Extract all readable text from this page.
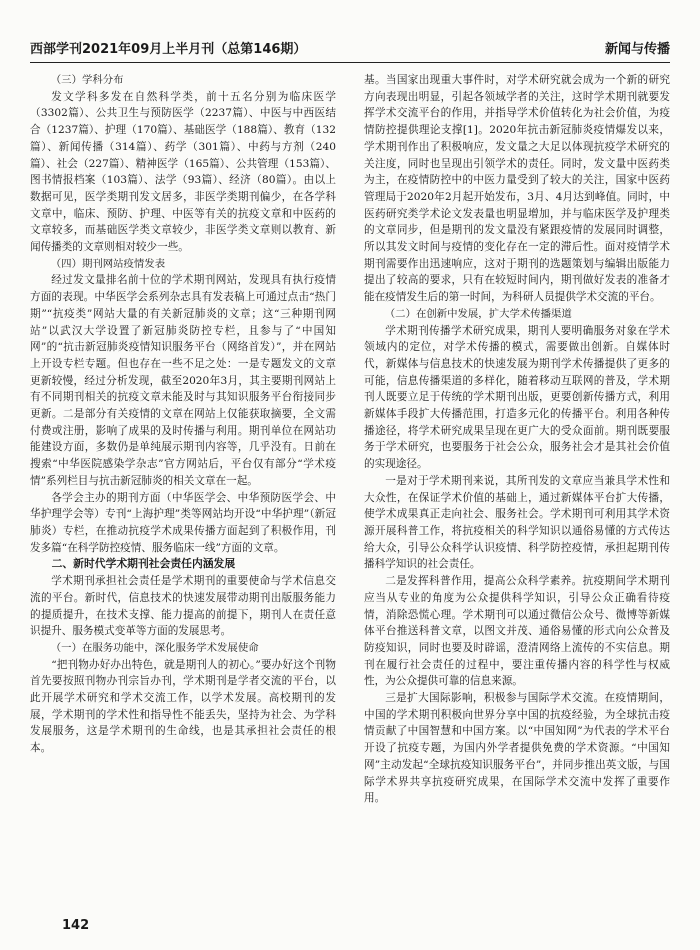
西部学刊2021年09月上半月刊（总第146期）	新闻与传播
（三）学科分布

发文学科多发在自然科学类，前十五名分别为临床医学（3302篇）、公共卫生与预防医学（2237篇）、中医与中西医结合（1237篇）、护理（170篇）、基础医学（188篇）、教育（132篇）、新闻传播（314篇）、药学（301篇）、中药与方剂（240篇）、社会（227篇）、精神医学（165篇）、公共管理（153篇）、图书情报档案（103篇）、法学（93篇）、经济（80篇）。由以上数据可见，医学类期刊发文居多，非医学类期刊偏少，在各学科文章中，临床、预防、护理、中医等有关的抗疫文章和中医药的文章较多，而基础医学类文章较少，非医学类文章则以教育、新闻传播类的文章则相对较少一些。

（四）期刊网站疫情发表

经过发文量排名前十位的学术期刊网站，发现具有执行疫情方面的表现。中华医学会系列杂志具有发表稿上可通过点击“热门期”“抗疫类”网站大量的有关新冠肺炎的文章；这“三种期刊网站”以武汉大学设置了新冠肺炎防控专栏，且参与了“中国知网”的“抗击新冠肺炎疫情知识服务平台（网络首发）”，并在网站上开设专栏专题。但也存在一些不足之处：一是专题发文的文章更新较慢，经过分析发现，截至2020年3月，其主要期刊网站上有不同期刊相关的抗疫文章未能及时与其知识服务平台衔接同步更新。二是部分有关疫情的文章在网站上仅能获取摘要，全文需付费或注册，影响了成果的及时传播与利用。期刊单位在网站功能建设方面，多数仍是单纯展示期刊内容等，几乎没有。日前在搜索“中华医院感染学杂志”官方网站后，平台仅有部分“学术疫情”系列栏目与抗击新冠肺炎的相关文章在一起。

各学会主办的期刊方面（中华医学会、中华预防医学会、中华护理学会等）专刊“上海护理”类等网站均开设“中华护理”（新冠肺炎）专栏，在推动抗疫学术成果传播方面起到了积极作用，刊发多篇“在科学防控疫情、服务临床一线”方面的文章。

二、新时代学术期刊社会责任内涵发展

学术期刊承担社会责任是学术期刊的重要使命与学术信息交流的平台。新时代，信息技术的快速发展带动期刊出版服务能力的提质提升，在技术支撑、能力提高的前提下，期刊人在责任意识提升、服务模式变革等方面的发展思考。

（一）在服务功能中，深化服务学术发展使命

“把刊物办好办出特色，就是期刊人的初心。”要办好这个刊物首先要按照刊物办刊宗旨办刊，学术期刊是学者交流的平台，以此开展学术研究和学术交流工作，以学术发展。高校期刊的发展，学术期刊的学术性和指导性不能丢失，坚持为社会、为学科发展服务，这是学术期刊的生命线，也是其承担社会责任的根本。

基。当国家出现重大事件时，对学术研究就会成为一个新的研究方向表现出明显，引起各领域学者的关注，这时学术期刊就要发挥学术交流平台的作用，并指导学术价值转化为社会价值，为疫情防控提供理论支撑[1]。2020年抗击新冠肺炎疫情爆发以来，学术期刊作出了积极响应，发文量之大足以体现抗疫学术研究的关注度，同时也呈现出引领学术的责任。同时，发文量中医药类为主，在疫情防控中的中医力量受到了较大的关注，国家中医药管理局于2020年2月起开始发布，3月、4月达到峰值。同时，中医药研究类学术论文发表量也明显增加，并与临床医学及护理类的文章同步，但是期刊的发文量没有紧跟疫情的发展同时调整，所以其发文时间与疫情的变化存在一定的滞后性。面对疫情学术期刊需要作出迅速响应，这对于期刊的选题策划与编辑出版能力提出了较高的要求，只有在较短时间内，期刊做好发表的准备才能在疫情发生后的第一时间，为科研人员提供学术交流的平台。

（二）在创新中发展，扩大学术传播渠道

学术期刊传播学术研究成果，期刊人要明确服务对象在学术领域内的定位，对学术传播的模式，需要做出创新。自媒体时代，新媒体与信息技术的快速发展为期刊学术传播提供了更多的可能，信息传播渠道的多样化，随着移动互联网的普及，学术期刊人既要立足于传统的学术期刊出版，更要创新传播方式，利用新媒体手段扩大传播范围，打造多元化的传播平台。利用各种传播途径，将学术研究成果呈现在更广大的受众面前。期刊既要服务于学术研究，也要服务于社会公众，服务社会才是其社会价值的实现途径。

一是对于学术期刊来说，其所刊发的文章应当兼具学术性和大众性，在保证学术价值的基础上，通过新媒体平台扩大传播，使学术成果真正走向社会、服务社会。学术期刊可利用其学术资源开展科普工作，将抗疫相关的科学知识以通俗易懂的方式传达给大众，引导公众科学认识疫情、科学防控疫情，承担起期刊传播科学知识的社会责任。

二是发挥科普作用，提高公众科学素养。抗疫期间学术期刊应当从专业的角度为公众提供科学知识，引导公众正确看待疫情，消除恐慌心理。学术期刊可以通过微信公众号、微博等新媒体平台推送科普文章，以图文并茂、通俗易懂的形式向公众普及防疫知识，同时也要及时辟谣，澄清网络上流传的不实信息。期刊在履行社会责任的过程中，要注重传播内容的科学性与权威性，为公众提供可靠的信息来源。

三是扩大国际影响，积极参与国际学术交流。在疫情期间，中国的学术期刊积极向世界分享中国的抗疫经验，为全球抗击疫情贡献了中国智慧和中国方案。以“中国知网”为代表的学术平台开设了抗疫专题，为国内外学者提供免费的学术资源。“中国知网”主动发起“全球抗疫知识服务平台”，并同步推出英文版，与国际学术界共享抗疫研究成果，在国际学术交流中发挥了重要作用。

142
